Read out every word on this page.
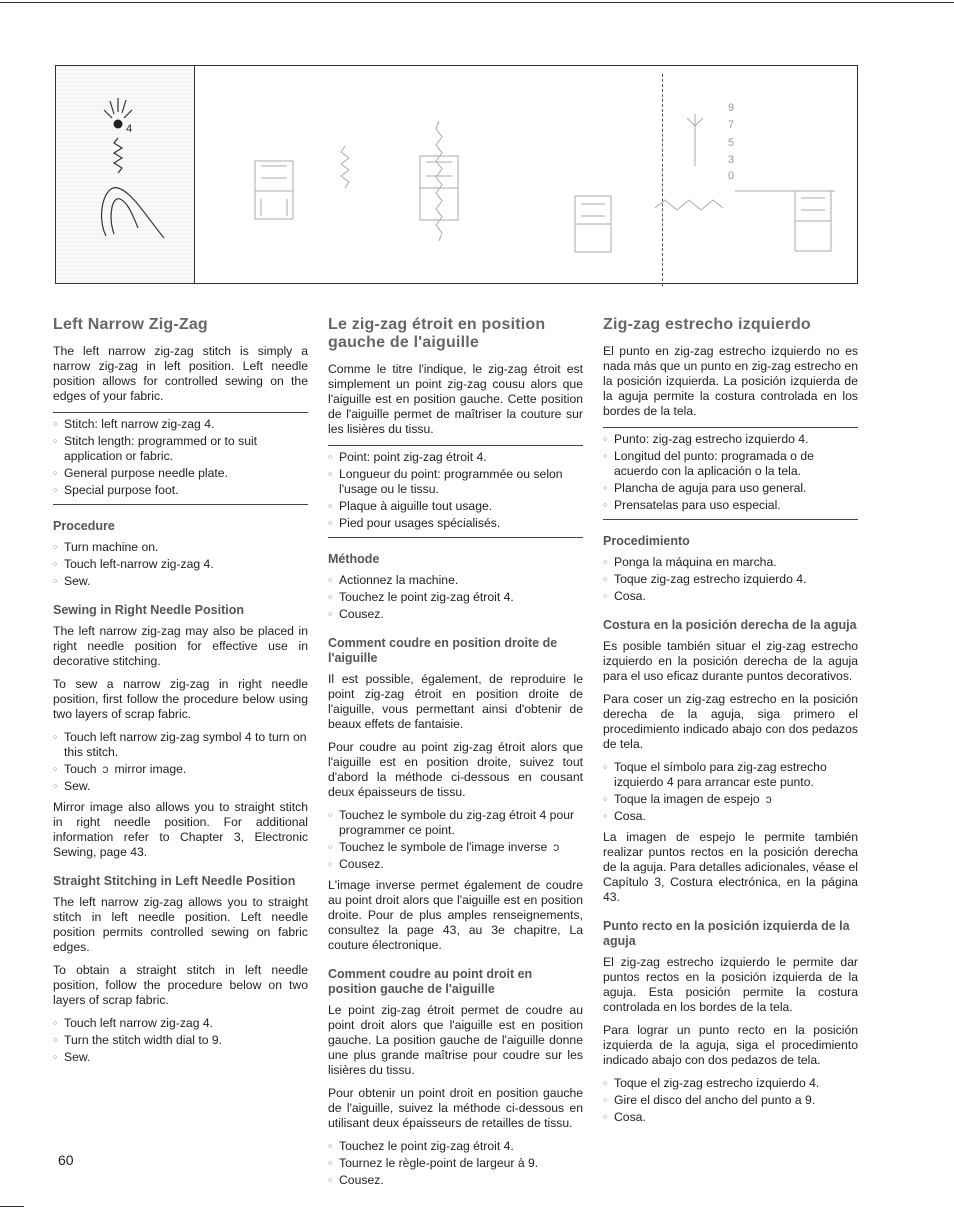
4
9
7
5
3
0
Left Narrow Zig-Zag

The left narrow zig-zag stitch is simply a narrow zig-zag in left position. Left needle position allows for controlled sewing on the edges of your fabric.

○ Stitch: left narrow zig-zag 4.
○ Stitch length: programmed or to suit application or fabric.
○ General purpose needle plate.
○ Special purpose foot.
Procedure
○ Turn machine on.
○ Touch left-narrow zig-zag 4.
○ Sew.
Sewing in Right Needle Position

The left narrow zig-zag may also be placed in right needle position for effective use in decorative stitching.

To sew a narrow zig-zag in right needle position, first follow the procedure below using two layers of scrap fabric.

○ Touch left narrow zig-zag symbol 4 to turn on this stitch.
○ Touch ↄ mirror image.
○ Sew.

Mirror image also allows you to straight stitch in right needle position. For additional information refer to Chapter 3, Electronic Sewing, page 43.

Straight Stitching in Left Needle Position

The left narrow zig-zag allows you to straight stitch in left needle position. Left needle position permits controlled sewing on fabric edges.

To obtain a straight stitch in left needle position, follow the procedure below on two layers of scrap fabric.

○ Touch left narrow zig-zag 4.
○ Turn the stitch width dial to 9.
○ Sew.
Le zig-zag étroit en position gauche de l'aiguille

Comme le titre l'indique, le zig-zag étroit est simplement un point zig-zag cousu alors que l'aiguille est en position gauche. Cette position de l'aiguille permet de maîtriser la couture sur les lisières du tissu.

○ Point: point zig-zag étroit 4.
○ Longueur du point: programmée ou selon l'usage ou le tissu.
○ Plaque à aiguille tout usage.
○ Pied pour usages spécialisés.
Méthode
○ Actionnez la machine.
○ Touchez le point zig-zag étroit 4.
○ Cousez.
Comment coudre en position droite de l'aiguille

Il est possible, également, de reproduire le point zig-zag étroit en position droite de l'aiguille, vous permettant ainsi d'obtenir de beaux effets de fantaisie.

Pour coudre au point zig-zag étroit alors que l'aiguille est en position droite, suivez tout d'abord la méthode ci-dessous en cousant deux épaisseurs de tissu.

○ Touchez le symbole du zig-zag étroit 4 pour programmer ce point.
○ Touchez le symbole de l'image inverse ↄ
○ Cousez.

L'image inverse permet également de coudre au point droit alors que l'aiguille est en position droite. Pour de plus amples renseignements, consultez la page 43, au 3e chapitre, La couture électronique.

Comment coudre au point droit en position gauche de l'aiguille

Le point zig-zag étroit permet de coudre au point droit alors que l'aiguille est en position gauche. La position gauche de l'aiguille donne une plus grande maîtrise pour coudre sur les lisières du tissu.

Pour obtenir un point droit en position gauche de l'aiguille, suivez la méthode ci-dessous en utilisant deux épaisseurs de retailles de tissu.

○ Touchez le point zig-zag étroit 4.
○ Tournez le règle-point de largeur à 9.
○ Cousez.
Zig-zag estrecho izquierdo

El punto en zig-zag estrecho izquierdo no es nada más que un punto en zig-zag estrecho en la posición izquierda. La posición izquierda de la aguja permite la costura controlada en los bordes de la tela.

○ Punto: zig-zag estrecho izquierdo 4.
○ Longitud del punto: programada o de acuerdo con la aplicación o la tela.
○ Plancha de aguja para uso general.
○ Prensatelas para uso especial.
Procedimiento
○ Ponga la máquina en marcha.
○ Toque zig-zag estrecho izquierdo 4.
○ Cosa.
Costura en la posición derecha de la aguja

Es posible también situar el zig-zag estrecho izquierdo en la posición derecha de la aguja para el uso eficaz durante puntos decorativos.

Para coser un zig-zag estrecho en la posición derecha de la aguja, siga primero el procedimiento indicado abajo con dos pedazos de tela.

○ Toque el símbolo para zig-zag estrecho izquierdo 4 para arrancar este punto.
○ Toque la imagen de espejo ↄ
○ Cosa.

La imagen de espejo le permite también realizar puntos rectos en la posición derecha de la aguja. Para detalles adicionales, véase el Capítulo 3, Costura electrónica, en la página 43.

Punto recto en la posición izquierda de la aguja

El zig-zag estrecho izquierdo le permite dar puntos rectos en la posición izquierda de la aguja. Esta posición permite la costura controlada en los bordes de la tela.

Para lograr un punto recto en la posición izquierda de la aguja, siga el procedimiento indicado abajo con dos pedazos de tela.

○ Toque el zig-zag estrecho izquierdo 4.
○ Gire el disco del ancho del punto a 9.
○ Cosa.
60
